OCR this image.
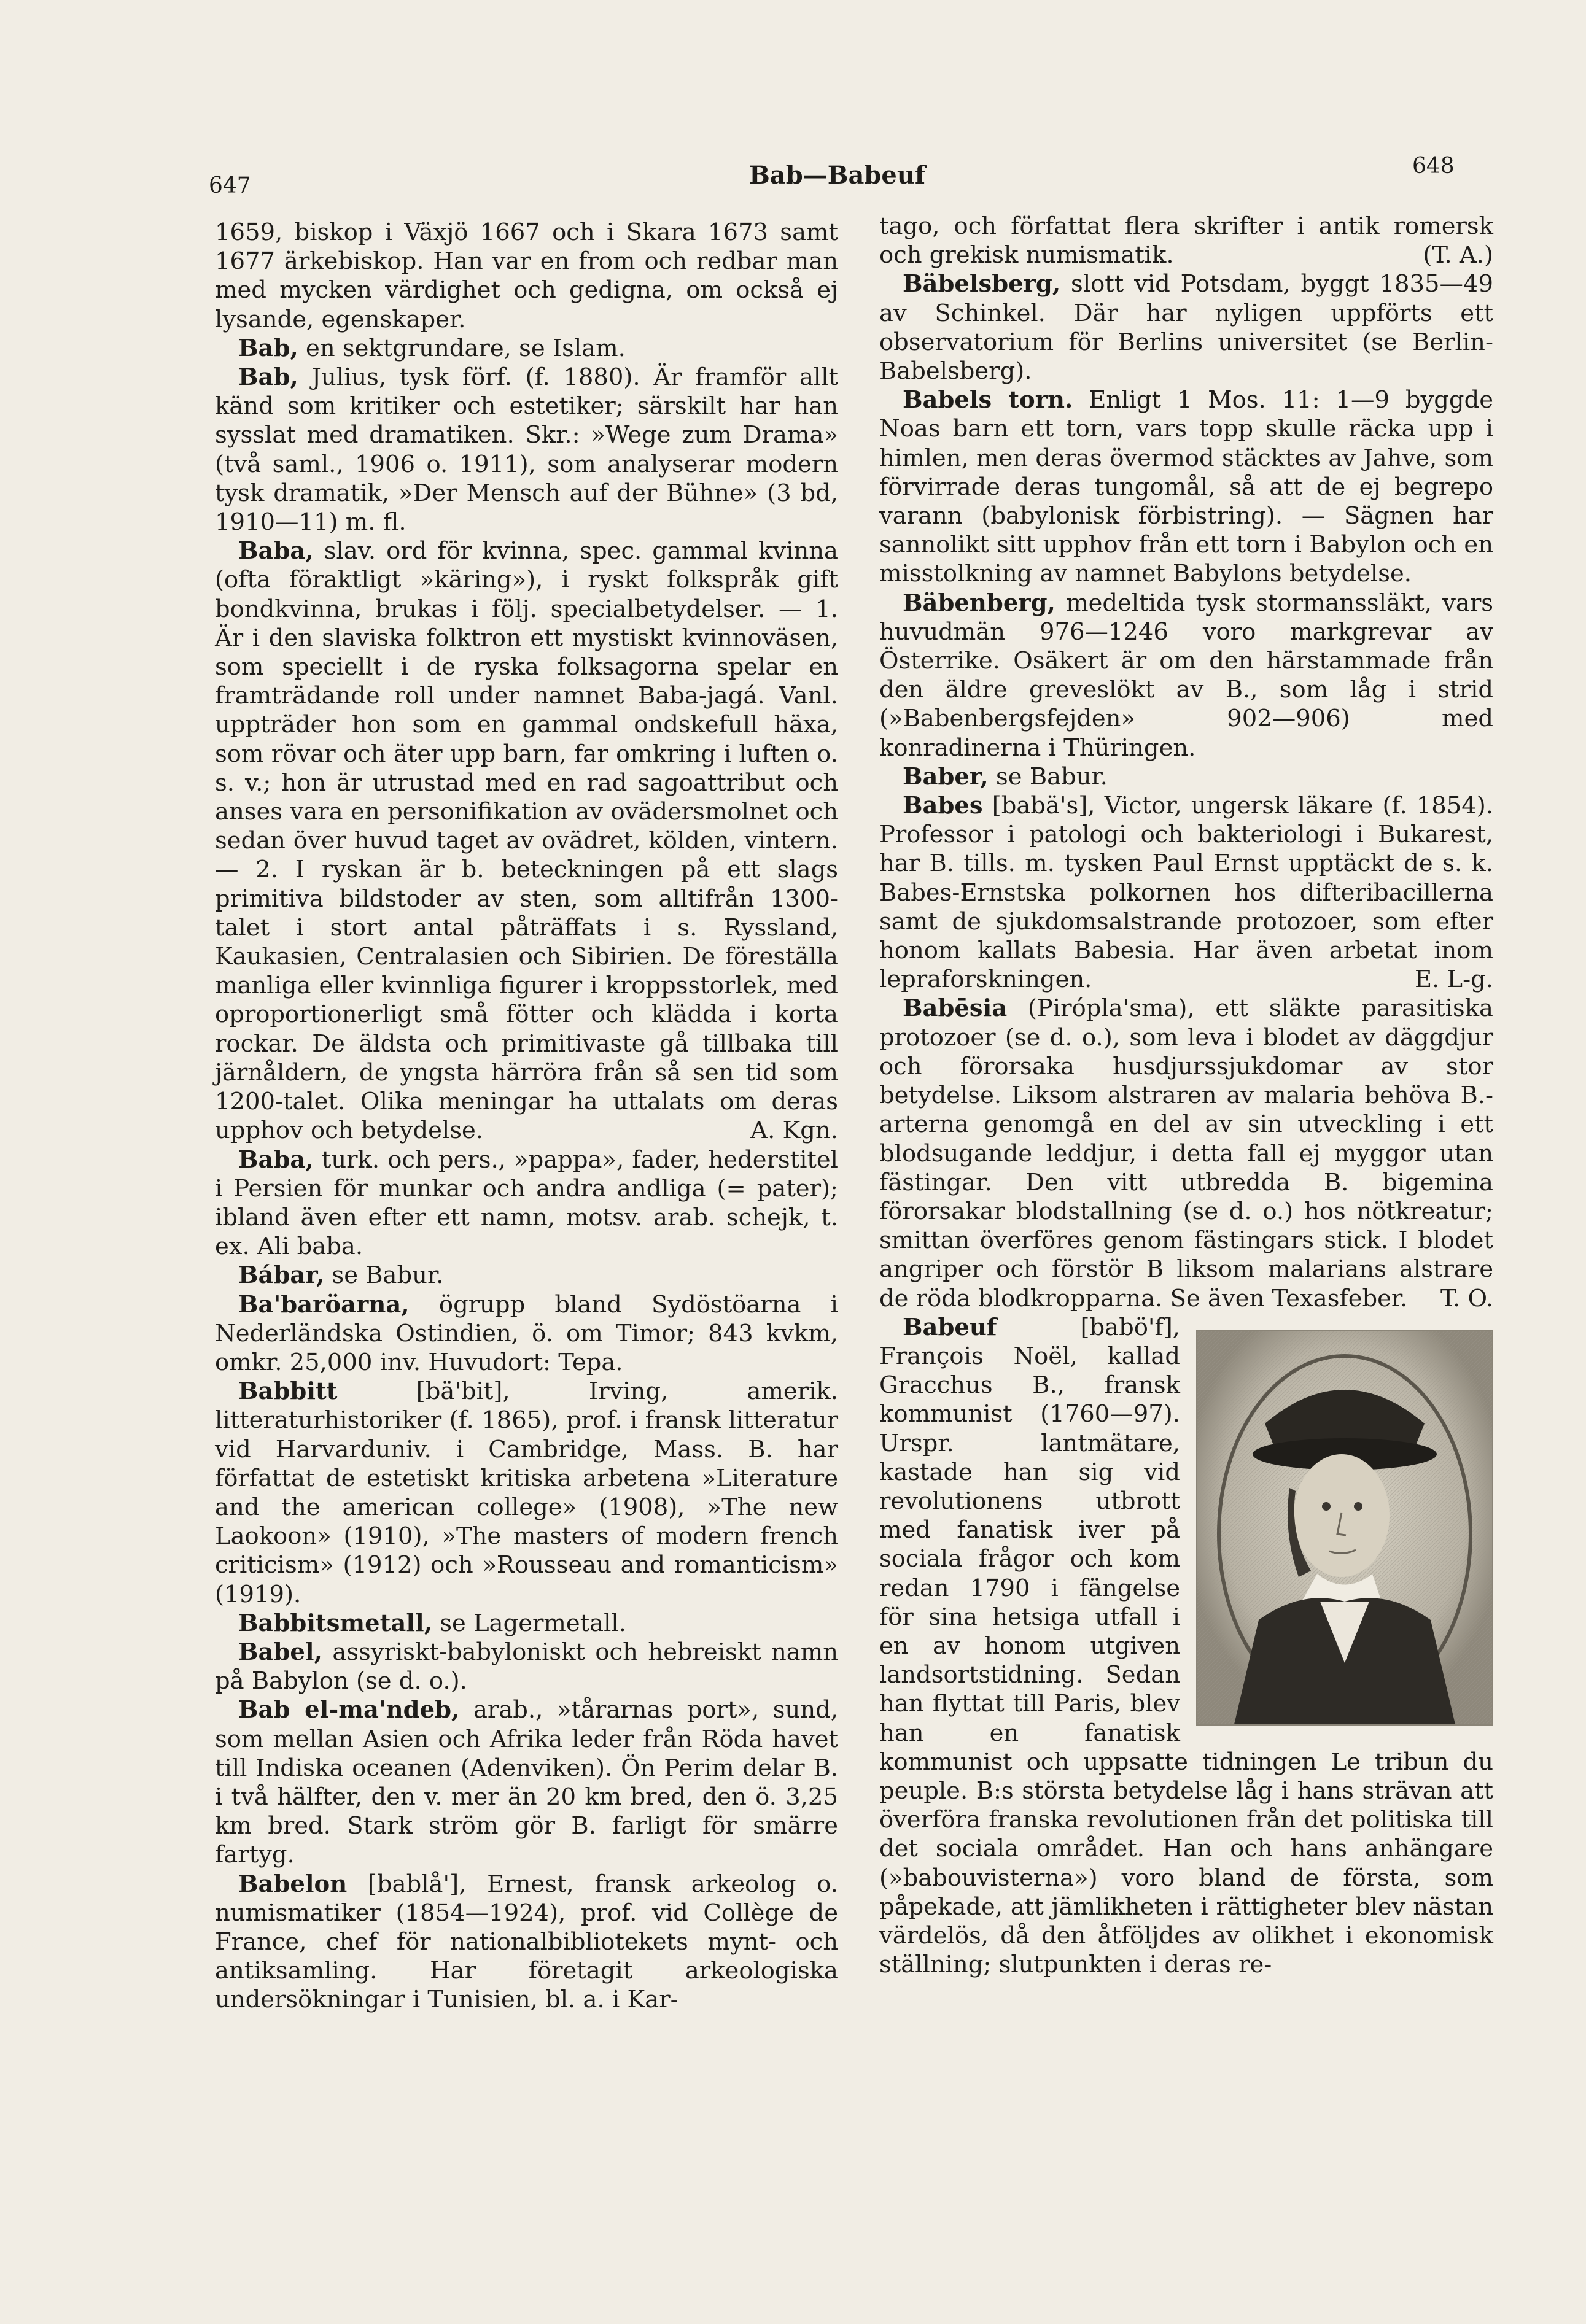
647	Bab—Babeuf	648

1659, biskop i Växjö 1667 och i Skara 1673 samt 1677 ärkebiskop. Han var en from och redbar man med mycken värdighet och gedigna, om också ej lysande, egenskaper.

Bab, en sektgrundare, se Islam.

Bab, Julius, tysk förf. (f. 1880). Är framför allt känd som kritiker och estetiker; särskilt har han sysslat med dramatiken. Skr.: »Wege zum Drama» (två saml., 1906 o. 1911), som analyserar modern tysk dramatik, »Der Mensch auf der Bühne» (3 bd, 1910—11) m. fl.

Baba, slav. ord för kvinna, spec. gammal kvinna (ofta föraktligt »käring»), i ryskt folkspråk gift bondkvinna, brukas i följ. specialbetydelser. — 1. Är i den slaviska folktron ett mystiskt kvinnoväsen, som speciellt i de ryska folksagorna spelar en framträdande roll under namnet Baba-jagá. Vanl. uppträder hon som en gammal ondskefull häxa, som rövar och äter upp barn, far omkring i luften o. s. v.; hon är utrustad med en rad sagoattribut och anses vara en personifikation av ovädersmolnet och sedan över huvud taget av ovädret, kölden, vintern. — 2. I ryskan är b. beteckningen på ett slags primitiva bildstoder av sten, som alltifrån 1300-talet i stort antal påträffats i s. Ryssland, Kaukasien, Centralasien och Sibirien. De föreställa manliga eller kvinnliga figurer i kroppsstorlek, med oproportionerligt små fötter och klädda i korta rockar. De äldsta och primitivaste gå tillbaka till järnåldern, de yngsta härröra från så sen tid som 1200-talet. Olika meningar ha uttalats om deras upphov och betydelse.	A. Kgn.

Baba, turk. och pers., »pappa», fader, hederstitel i Persien för munkar och andra andliga (= pater); ibland även efter ett namn, motsv. arab. schejk, t. ex. Ali baba.

Bábar, se Babur.

Ba'baröarna, ögrupp bland Sydöstöarna i Nederländska Ostindien, ö. om Timor; 843 kvkm, omkr. 25,000 inv. Huvudort: Tepa.

Babbitt [bä'bit], Irving, amerik. litteraturhistoriker (f. 1865), prof. i fransk litteratur vid Harvarduniv. i Cambridge, Mass. B. har författat de estetiskt kritiska arbetena »Literature and the american college» (1908), »The new Laokoon» (1910), »The masters of modern french criticism» (1912) och »Rousseau and romanticism» (1919).

Babbitsmetall, se Lagermetall.

Babel, assyriskt-babyloniskt och hebreiskt namn på Babylon (se d. o.).

Bab el-ma'ndeb, arab., »tårarnas port», sund, som mellan Asien och Afrika leder från Röda havet till Indiska oceanen (Adenviken). Ön Perim delar B. i två hälfter, den v. mer än 20 km bred, den ö. 3,25 km bred. Stark ström gör B. farligt för smärre fartyg.

Babelon [bablå'], Ernest, fransk arkeolog o. numismatiker (1854—1924), prof. vid Collège de France, chef för nationalbibliotekets mynt- och antiksamling. Har företagit arkeologiska undersökningar i Tunisien, bl. a. i Kar-

tago, och författat flera skrifter i antik romersk och grekisk numismatik.	(T. A.)

Bäbelsberg, slott vid Potsdam, byggt 1835—49 av Schinkel. Där har nyligen uppförts ett observatorium för Berlins universitet (se Berlin-Babelsberg).

Babels torn. Enligt 1 Mos. 11: 1—9 byggde Noas barn ett torn, vars topp skulle räcka upp i himlen, men deras övermod stäcktes av Jahve, som förvirrade deras tungomål, så att de ej begrepo varann (babylonisk förbistring). — Sägnen har sannolikt sitt upphov från ett torn i Babylon och en misstolkning av namnet Babylons betydelse.

Bäbenberg, medeltida tysk stormanssläkt, vars huvudmän 976—1246 voro markgrevar av Österrike. Osäkert är om den härstammade från den äldre greveslökt av B., som låg i strid (»Babenbergsfejden» 902—906) med konradinerna i Thüringen.

Baber, se Babur.

Babes [babä's], Victor, ungersk läkare (f. 1854). Professor i patologi och bakteriologi i Bukarest, har B. tills. m. tysken Paul Ernst upptäckt de s. k. Babes-Ernstska polkornen hos difteribacillerna samt de sjukdomsalstrande protozoer, som efter honom kallats Babesia. Har även arbetat inom lepraforskningen.	E. L-g.

Babēsia (Pirópla'sma), ett släkte parasitiska protozoer (se d. o.), som leva i blodet av däggdjur och förorsaka husdjurssjukdomar av stor betydelse. Liksom alstraren av malaria behöva B.-arterna genomgå en del av sin utveckling i ett blodsugande leddjur, i detta fall ej myggor utan fästingar. Den vitt utbredda B. bigemina förorsakar blodstallning (se d. o.) hos nötkreatur; smittan överföres genom fästingars stick. I blodet angriper och förstör B liksom malarians alstrare de röda blodkropparna. Se även Texasfeber.	T. O.

Babeuf [babö'f], François Noël, kallad Gracchus B., fransk kommunist (1760—97). Urspr. lantmätare, kastade han sig vid revolutionens utbrott med fanatisk iver på sociala frågor och kom redan 1790 i fängelse för sina hetsiga utfall i en av honom utgiven landsortstidning. Sedan han flyttat till Paris, blev han en fanatisk kommunist och uppsatte tidningen Le tribun du peuple. B:s största betydelse låg i hans strävan att överföra franska revolutionen från det politiska till det sociala området. Han och hans anhängare (»babouvisterna») voro bland de första, som påpekade, att jämlikheten i rättigheter blev nästan värdelös, då den åtföljdes av olikhet i ekonomisk ställning; slutpunkten i deras re-
